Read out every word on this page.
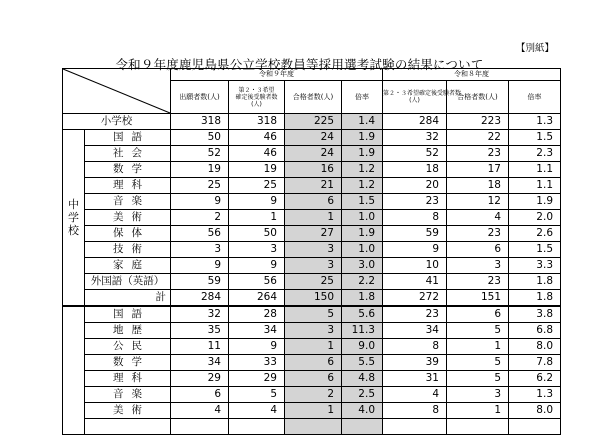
【別紙】
令和９年度鹿児島県公立学校教員等採用選考試験の結果について
	令和９年度				令和８年度		
		出願者数(人)	第２・３希望
確定後受験者数
(人)	合格者数(人)	倍率	第２・３希望確定後受験者数
(人)	合格者数(人)	倍率
小学校		318	318	225	1.4	284	223	1.3
中
学
校	国語	50	46	24	1.9	32	22	1.5
	社会	52	46	24	1.9	52	23	2.3
	数学	19	19	16	1.2	18	17	1.1
	理科	25	25	21	1.2	20	18	1.1
	音楽	9	9	6	1.5	23	12	1.9
	美術	2	1	1	1.0	8	4	2.0
	保体	56	50	27	1.9	59	23	2.6
	技術	3	3	3	1.0	9	6	1.5
	家庭	9	9	3	3.0	10	3	3.3
	外国語（英語）	59	56	25	2.2	41	23	1.8
	計	284	264	150	1.8	272	151	1.8
	国語	32	28	5	5.6	23	6	3.8
	地歴	35	34	3	11.3	34	5	6.8
	公民	11	9	1	9.0	8	1	8.0
	数学	34	33	6	5.5	39	5	7.8
	理科	29	29	6	4.8	31	5	6.2
	音楽	6	5	2	2.5	4	3	1.3
	美術	4	4	1	4.0	8	1	8.0
